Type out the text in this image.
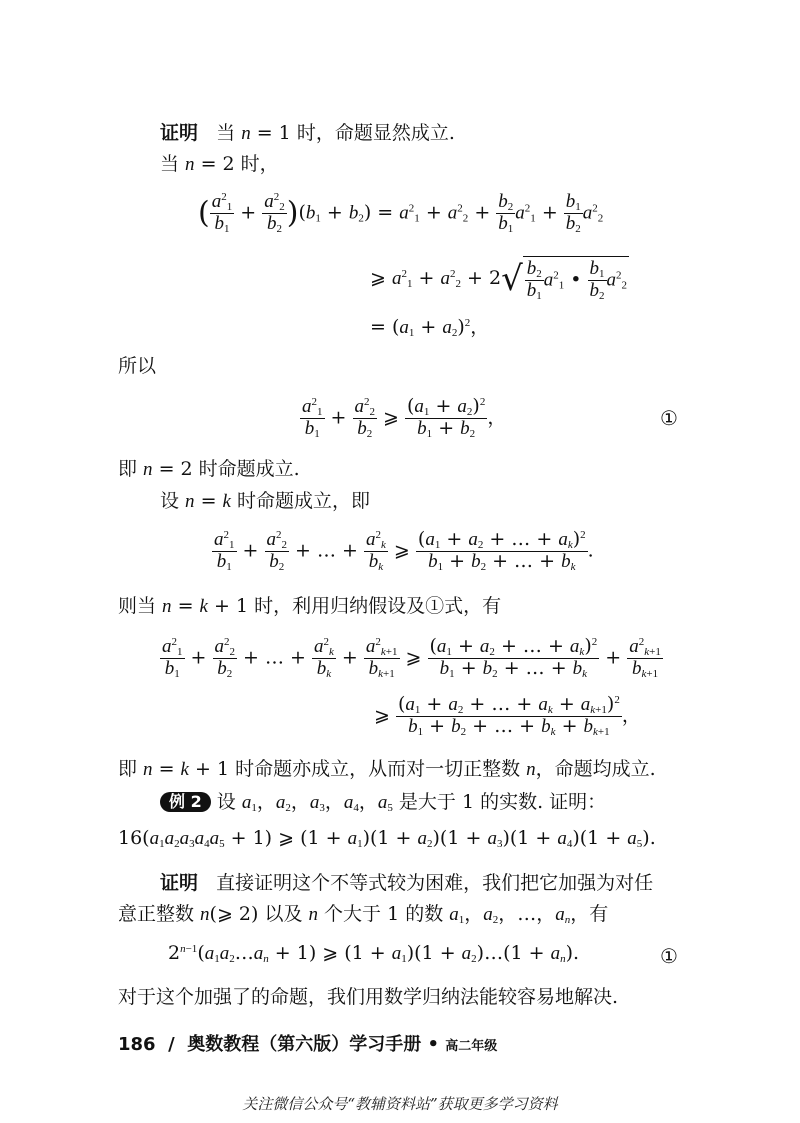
证明   当 n = 1 时，命题显然成立.
当 n = 2 时，
( $\frac{a^2_1}{b_1} + \frac{a^2_2}{b_2} )(b_1 + b_2) = a^2_1 + a^2_2 + \frac{b_2}{b_1} a^2_1 + \frac{b_1}{b_2} a^2_2$
⩾ $a^2_1 + a^2_2 + 2√ \frac{b_2}{b_1} a^2_1$ • $\frac{b_1}{b_2} a^2_2$
= $(a_1 + a_2)^2$，
所以
$\frac{a^2_1}{b_1} + \frac{a^2_2}{b_2}$ ⩾ $\frac{(a_1 + a_2)^2}{b_1 + b_2}$ ，	①
即 n = 2 时命题成立.
设 n = k 时命题成立，即
$\frac{a^2_1}{b_1} + \frac{a^2_2}{b_2}$ + … + $\frac{a^2_k}{b_k}$ ⩾ $\frac{(a_1 + a_2 + \dots + a_k)^2}{b_1 + b_2 + \dots + b_k}$ .
则当 n = k + 1 时，利用归纳假设及①式，有
$\frac{a^2_1}{b_1} + \frac{a^2_2}{b_2}$ + … + $\frac{a^2_k}{b_k} + \frac{a^2_{k+1}}{b_{k+1}}$ ⩾ $\frac{(a_1 + a_2 + \dots + a_k)^2}{b_1 + b_2 + \dots + b_k} + \frac{a^2_{k+1}}{b_{k+1}}$
⩾ $\frac{(a_1 + a_2 + \dots + a_k + a_{k+1})^2}{b_1 + b_2 + \dots + b_k + b_{k+1}}$ ，
即 n = k + 1 时命题亦成立，从而对一切正整数 n，命题均成立.
例 2 设 $a_1$，$a_2$，$a_3$，$a_4$，$a_5$ 是大于 1 的实数. 证明：
$16(a_1a_2a_3a_4a_5 + 1)$ ⩾ $(1 + a_1)(1 + a_2)(1 + a_3)(1 + a_4)(1 + a_5)$.
证明   直接证明这个不等式较为困难，我们把它加强为对任
意正整数 n(⩾ 2) 以及 n 个大于 1 的数 $a_1$，$a_2$，…，$a_n$，有
$2^{n-1}(a_1a_2\dots a_n + 1)$ ⩾ $(1 + a_1)(1$ + $a_2)\dots(1 + a_n)$.	①
对于这个加强了的命题，我们用数学归纳法能较容易地解决.
186  /  奥数教程（第六版）学习手册 • 高二年级
关注微信公众号“教辅资料站”获取更多学习资料
